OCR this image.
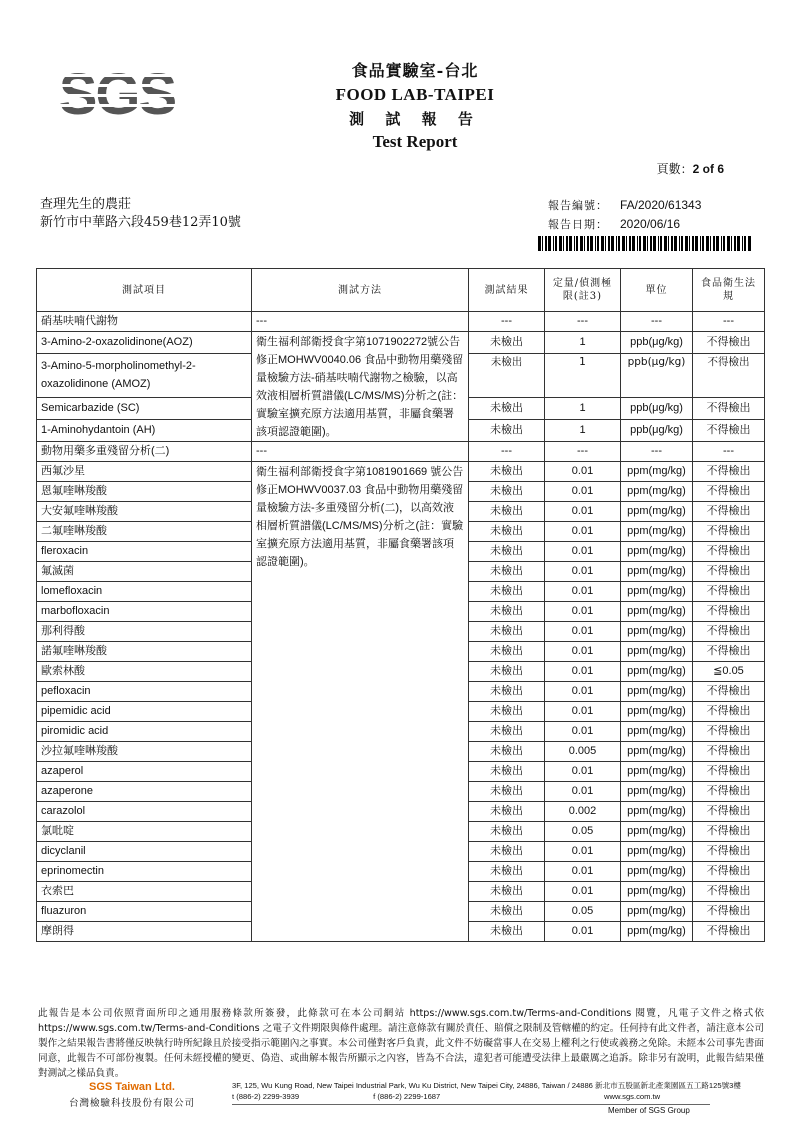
食品實驗室-台北
FOOD LAB-TAIPEI
測 試 報 告
Test Report
頁數：2 of 6
查理先生的農莊
新竹市中華路六段459巷12弄10號
報告編號： FA/2020/61343
報告日期： 2020/06/16
測試項目	測試方法	測試結果	定量/偵測極限(註3)	單位	食品衛生法規
硝基呋喃代謝物	---	---	---	---	---
3-Amino-2-oxazolidinone(AOZ)	衛生福利部衛授食字第1071902272號公告修正MOHWV0040.06 食品中動物用藥殘留量檢驗方法-硝基呋喃代謝物之檢驗，以高效液相層析質譜儀(LC/MS/MS)分析之(註：實驗室擴充原方法適用基質，非屬食藥署該項認證範圍)。	未檢出	1	ppb(μg/kg)	不得檢出
3-Amino-5-morpholinomethyl-2-oxazolidinone (AMOZ)		未檢出	1	ppb(μg/kg)	不得檢出
Semicarbazide (SC)		未檢出	1	ppb(μg/kg)	不得檢出
1-Aminohydantoin (AH)		未檢出	1	ppb(μg/kg)	不得檢出
動物用藥多重殘留分析(二)	---	---	---	---	---
西氟沙星	衛生福利部衛授食字第1081901669 號公告修正MOHWV0037.03 食品中動物用藥殘留量檢驗方法-多重殘留分析(二)，以高效液相層析質譜儀(LC/MS/MS)分析之(註：實驗室擴充原方法適用基質，非屬食藥署該項認證範圍)。	未檢出	0.01	ppm(mg/kg)	不得檢出
恩氟喹啉羧酸		未檢出	0.01	ppm(mg/kg)	不得檢出
大安氟喹啉羧酸		未檢出	0.01	ppm(mg/kg)	不得檢出
二氟喹啉羧酸		未檢出	0.01	ppm(mg/kg)	不得檢出
fleroxacin		未檢出	0.01	ppm(mg/kg)	不得檢出
氟滅菌		未檢出	0.01	ppm(mg/kg)	不得檢出
lomefloxacin		未檢出	0.01	ppm(mg/kg)	不得檢出
marbofloxacin		未檢出	0.01	ppm(mg/kg)	不得檢出
那利得酸		未檢出	0.01	ppm(mg/kg)	不得檢出
諾氟喹啉羧酸		未檢出	0.01	ppm(mg/kg)	不得檢出
歐索林酸		未檢出	0.01	ppm(mg/kg)	≦0.05
pefloxacin		未檢出	0.01	ppm(mg/kg)	不得檢出
pipemidic acid		未檢出	0.01	ppm(mg/kg)	不得檢出
piromidic acid		未檢出	0.01	ppm(mg/kg)	不得檢出
沙拉氟喹啉羧酸		未檢出	0.005	ppm(mg/kg)	不得檢出
azaperol		未檢出	0.01	ppm(mg/kg)	不得檢出
azaperone		未檢出	0.01	ppm(mg/kg)	不得檢出
carazolol		未檢出	0.002	ppm(mg/kg)	不得檢出
氯吡啶		未檢出	0.05	ppm(mg/kg)	不得檢出
dicyclanil		未檢出	0.01	ppm(mg/kg)	不得檢出
eprinomectin		未檢出	0.01	ppm(mg/kg)	不得檢出
衣索巴		未檢出	0.01	ppm(mg/kg)	不得檢出
fluazuron		未檢出	0.05	ppm(mg/kg)	不得檢出
摩朗得		未檢出	0.01	ppm(mg/kg)	不得檢出
此報告是本公司依照背面所印之通用服務條款所簽發，此條款可在本公司網站 https://www.sgs.com.tw/Terms-and-Conditions 閱覽，凡電子文件之格式依https://www.sgs.com.tw/Terms-and-Conditions 之電子文件期限與條件處理。請注意條款有關於責任、賠償之限制及管轄權的約定。任何持有此文件者，請注意本公司製作之結果報告書將僅反映執行時所紀錄且於接受指示範圍內之事實。本公司僅對客戶負責，此文件不妨礙當事人在交易上權利之行使或義務之免除。未經本公司事先書面同意，此報告不可部份複製。任何未經授權的變更、偽造、或曲解本報告所顯示之內容，皆為不合法，違犯者可能遭受法律上最嚴厲之追訴。除非另有說明，此報告結果僅對測試之樣品負責。
SGS Taiwan Ltd.
台灣檢驗科技股份有限公司
3F, 125, Wu Kung Road, New Taipei Industrial Park, Wu Ku District, New Taipei City, 24886, Taiwan / 24886 新北市五股區新北產業園區五工路125號3樓
t (886-2) 2299-3939	f (886-2) 2299-1687	www.sgs.com.tw
Member of SGS Group
